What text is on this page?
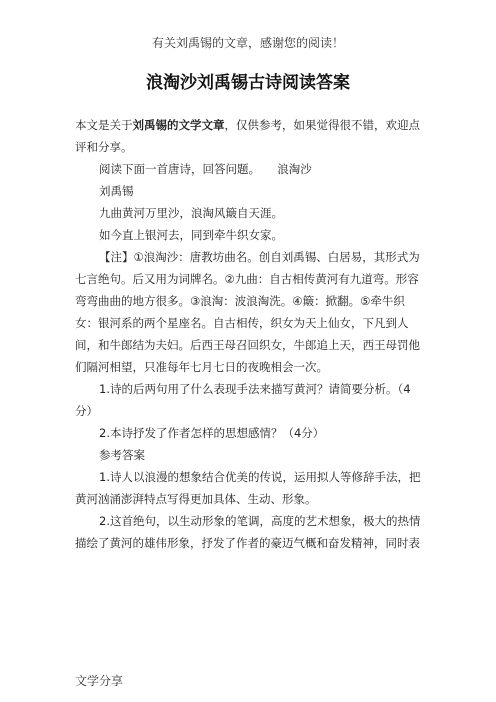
有关刘禹锡的文章，感谢您的阅读！
浪淘沙刘禹锡古诗阅读答案

本文是关于刘禹锡的文学文章，仅供参考，如果觉得很不错，欢迎点评和分享。

阅读下面一首唐诗，回答问题。　　浪淘沙

刘禹锡

九曲黄河万里沙，浪淘风簸自天涯。

如今直上银河去，同到牵牛织女家。

【注】①浪淘沙：唐教坊曲名。创自刘禹锡、白居易，其形式为七言绝句。后又用为词牌名。②九曲：自古相传黄河有九道弯。形容弯弯曲曲的地方很多。③浪淘：波浪淘洗。④簸：掀翻。⑤牵牛织女：银河系的两个星座名。自古相传，织女为天上仙女，下凡到人间，和牛郎结为夫妇。后西王母召回织女，牛郎追上天，西王母罚他们隔河相望，只准每年七月七日的夜晚相会一次。

1.诗的后两句用了什么表现手法来描写黄河？请简要分析。（4分）

2.本诗抒发了作者怎样的思想感情？（4分）

参考答案

1.诗人以浪漫的想象结合优美的传说，运用拟人等修辞手法，把黄河汹涌澎湃特点写得更加具体、生动、形象。

2.这首绝句，以生动形象的笔调，高度的艺术想象，极大的热情描绘了黄河的雄伟形象，抒发了作者的豪迈气概和奋发精神，同时表

文学分享
